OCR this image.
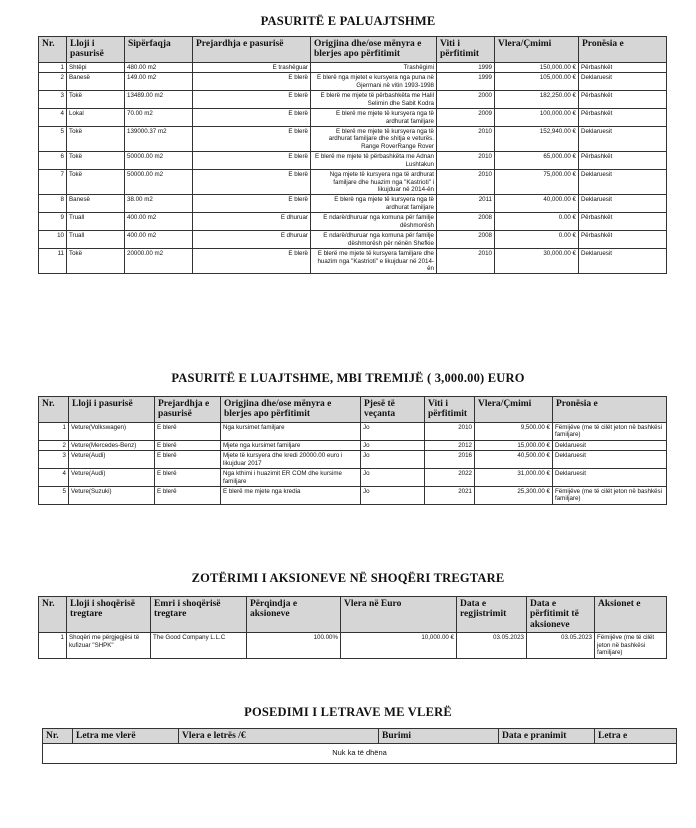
PASURITË E PALUAJTSHME
Nr.	Lloji i pasurisë	Sipërfaqja	Prejardhja e pasurisë	Origjina dhe/ose mënyra e blerjes apo përfitimit	Viti i përfitimit	Vlera/Çmimi	Pronësia e
1	Shtëpi	480.00 m2	E trashëguar	Trashëgimi	1999	150,000.00 €	Përbashkët
2	Banesë	149.00 m2	E blerë	E blerë nga mjetet e kursyera nga puna në Gjermani në vitin 1993-1998	1999	105,000.00 €	Deklaruesit
3	Tokë	13489.00 m2	E blerë	E blerë me mjete të përbashkëta me Halil Selimin dhe Sabit Kodra	2000	182,250.00 €	Përbashkët
4	Lokal	70.00 m2	E blerë	E blerë me mjete të kursyera nga të ardhurat familjare	2009	100,000.00 €	Përbashkët
5	Tokë	139000.37 m2	E blerë	E blerë me mjete të kursyera nga të ardhurat familjare dhe shitja e veturës. Range RoverRange Rover	2010	152,940.00 €	Deklaruesit
6	Tokë	50000.00 m2	E blerë	E blerë me mjete të përbashkëta me Adnan Lushtakun	2010	65,000.00 €	Përbashkët
7	Tokë	50000.00 m2	E blerë	Nga mjete të kursyera nga të ardhurat familjare dhe huazim nga "Kastrioti" i likujduar në 2014-ën	2010	75,000.00 €	Deklaruesit
8	Banesë	38.00 m2	E blerë	E blerë nga mjete të kursyera nga të ardhurat familjare	2011	40,000.00 €	Deklaruesit
9	Truall	400.00 m2	E dhuruar	E ndarë/dhuruar nga komuna për familje dëshmorësh	2008	0.00 €	Përbashkët
10	Truall	400.00 m2	E dhuruar	E ndarë/dhuruar nga komuna për familje dëshmorësh për nënën Shefkie	2008	0.00 €	Përbashkët
11	Tokë	20000.00 m2	E blerë	E blerë me mjete të kursyera familjare dhe huazim nga "Kastrioti" e likujduar në 2014-ën	2010	30,000.00 €	Deklaruesit
PASURITË E LUAJTSHME, MBI TREMIJË ( 3,000.00) EURO
Nr.	Lloji i pasurisë	Prejardhja e pasurisë	Origjina dhe/ose mënyra e blerjes apo përfitimit	Pjesë të veçanta	Viti i përfitimit	Vlera/Çmimi	Pronësia e
1	Veture(Volkswagen)	E blerë	Nga kursimet familjare	Jo	2010	9,500.00 €	Fëmijëve (me të cilët jeton në bashkësi familjare)
2	Veture(Mercedes-Benz)	E blerë	Mjete nga kursimet familjare	Jo	2012	15,000.00 €	Deklaruesit
3	Veture(Audi)	E blerë	Mjete të kursyera dhe kredi 20000.00 euro i likujduar 2017	Jo	2016	40,500.00 €	Deklaruesit
4	Veture(Audi)	E blerë	Nga kthimi i huazimit ER COM dhe kursime familjare	Jo	2022	31,000.00 €	Deklaruesit
5	Veture(Suzuki)	E blerë	E blerë me mjete nga kredia	Jo	2021	25,300.00 €	Fëmijëve (me të cilët jeton në bashkësi familjare)
ZOTËRIMI I AKSIONEVE NË SHOQËRI TREGTARE
Nr.	Lloji i shoqërisë tregtare	Emri i shoqërisë tregtare	Përqindja e aksioneve	Vlera në Euro	Data e regjistrimit	Data e përfitimit të aksioneve	Aksionet e
1	Shoqëri me përgjegjësi të kufizuar "SHPK"	The Good Company L.L.C	100.00%	10,000.00 €	03.05.2023	03.05.2023	Fëmijëve (me të cilët jeton në bashkësi familjare)
POSEDIMI I LETRAVE ME VLERË
Nr.	Letra me vlerë	Vlera e letrës /€	Burimi	Data e pranimit	Letra e
Nuk ka të dhëna
